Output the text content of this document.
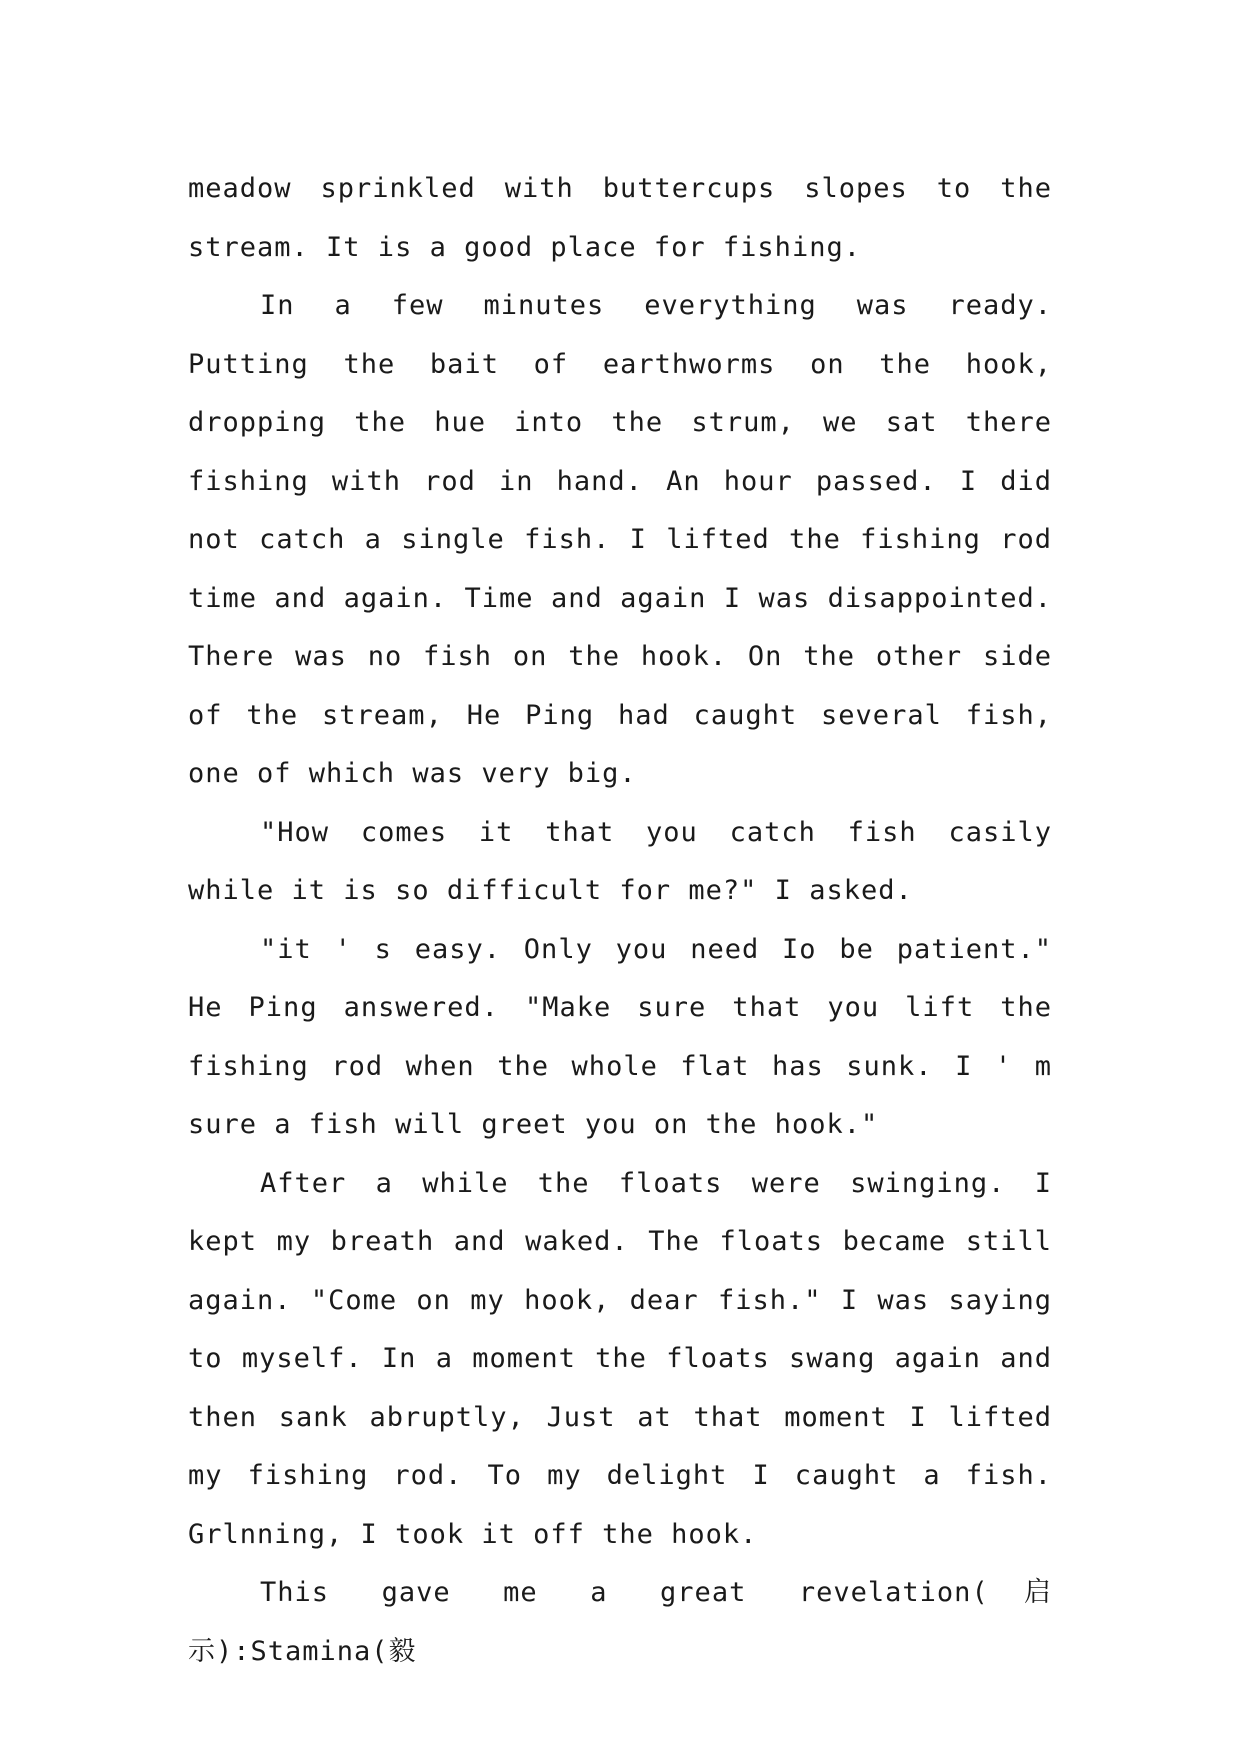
meadow sprinkled with buttercups slopes to the stream. It is a good place for fishing.

In a few minutes everything was ready. Putting the bait of earthworms on the hook, dropping the hue into the strum, we sat there fishing with rod in hand. An hour passed. I did not catch a single fish. I lifted the fishing rod time and again. Time and again I was disappointed. There was no fish on the hook. On the other side of the stream, He Ping had caught several fish, one of which was very big.

"How comes it that you catch fish casily while it is so difficult for me?" I asked.

"it ' s easy. Only you need Io be patient." He Ping answered. "Make sure that you lift the fishing rod when the whole flat has sunk. I ' m sure a fish will greet you on the hook."

After a while the floats were swinging. I kept my breath and waked. The floats became still again. "Come on my hook, dear fish." I was saying to myself. In a moment the floats swang again and then sank abruptly, Just at that moment I lifted my fishing rod. To my delight I caught a fish. Grlnning, I took it off the hook.

This gave me a great revelation(启示):Stamina(毅
